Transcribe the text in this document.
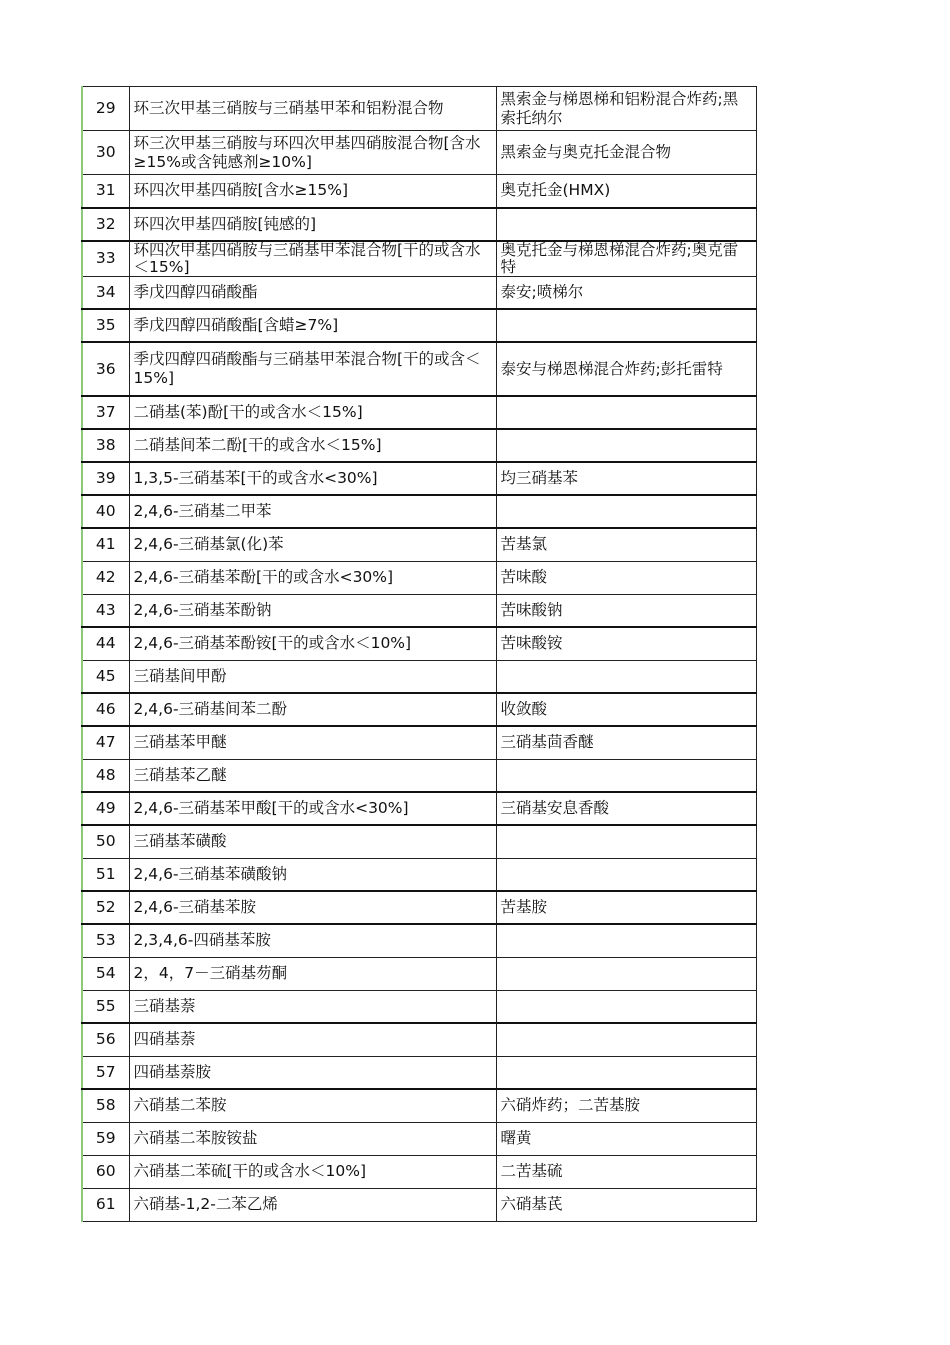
29	环三次甲基三硝胺与三硝基甲苯和铝粉混合物	黑索金与梯恩梯和铝粉混合炸药;黑索托纳尔
30	环三次甲基三硝胺与环四次甲基四硝胺混合物[含水≥15%或含钝感剂≥10%]	黑索金与奥克托金混合物
31	环四次甲基四硝胺[含水≥15%]	奥克托金(HMX)
32	环四次甲基四硝胺[钝感的]	
33	环四次甲基四硝胺与三硝基甲苯混合物[干的或含水＜15%]	奥克托金与梯恩梯混合炸药;奥克雷特
34	季戊四醇四硝酸酯	泰安;喷梯尔
35	季戊四醇四硝酸酯[含蜡≥7%]	
36	季戊四醇四硝酸酯与三硝基甲苯混合物[干的或含＜15%]	泰安与梯恩梯混合炸药;彭托雷特
37	二硝基(苯)酚[干的或含水＜15%]	
38	二硝基间苯二酚[干的或含水＜15%]	
39	1,3,5-三硝基苯[干的或含水<30%]	均三硝基苯
40	2,4,6-三硝基二甲苯	
41	2,4,6-三硝基氯(化)苯	苦基氯
42	2,4,6-三硝基苯酚[干的或含水<30%]	苦味酸
43	2,4,6-三硝基苯酚钠	苦味酸钠
44	2,4,6-三硝基苯酚铵[干的或含水＜10%]	苦味酸铵
45	三硝基间甲酚	
46	2,4,6-三硝基间苯二酚	收敛酸
47	三硝基苯甲醚	三硝基茴香醚
48	三硝基苯乙醚	
49	2,4,6-三硝基苯甲酸[干的或含水<30%]	三硝基安息香酸
50	三硝基苯磺酸	
51	2,4,6-三硝基苯磺酸钠	
52	2,4,6-三硝基苯胺	苦基胺
53	2,3,4,6-四硝基苯胺	
54	2，4，7－三硝基芴酮	
55	三硝基萘	
56	四硝基萘	
57	四硝基萘胺	
58	六硝基二苯胺	六硝炸药；二苦基胺
59	六硝基二苯胺铵盐	曙黄
60	六硝基二苯硫[干的或含水＜10%]	二苦基硫
61	六硝基-1,2-二苯乙烯	六硝基芪
